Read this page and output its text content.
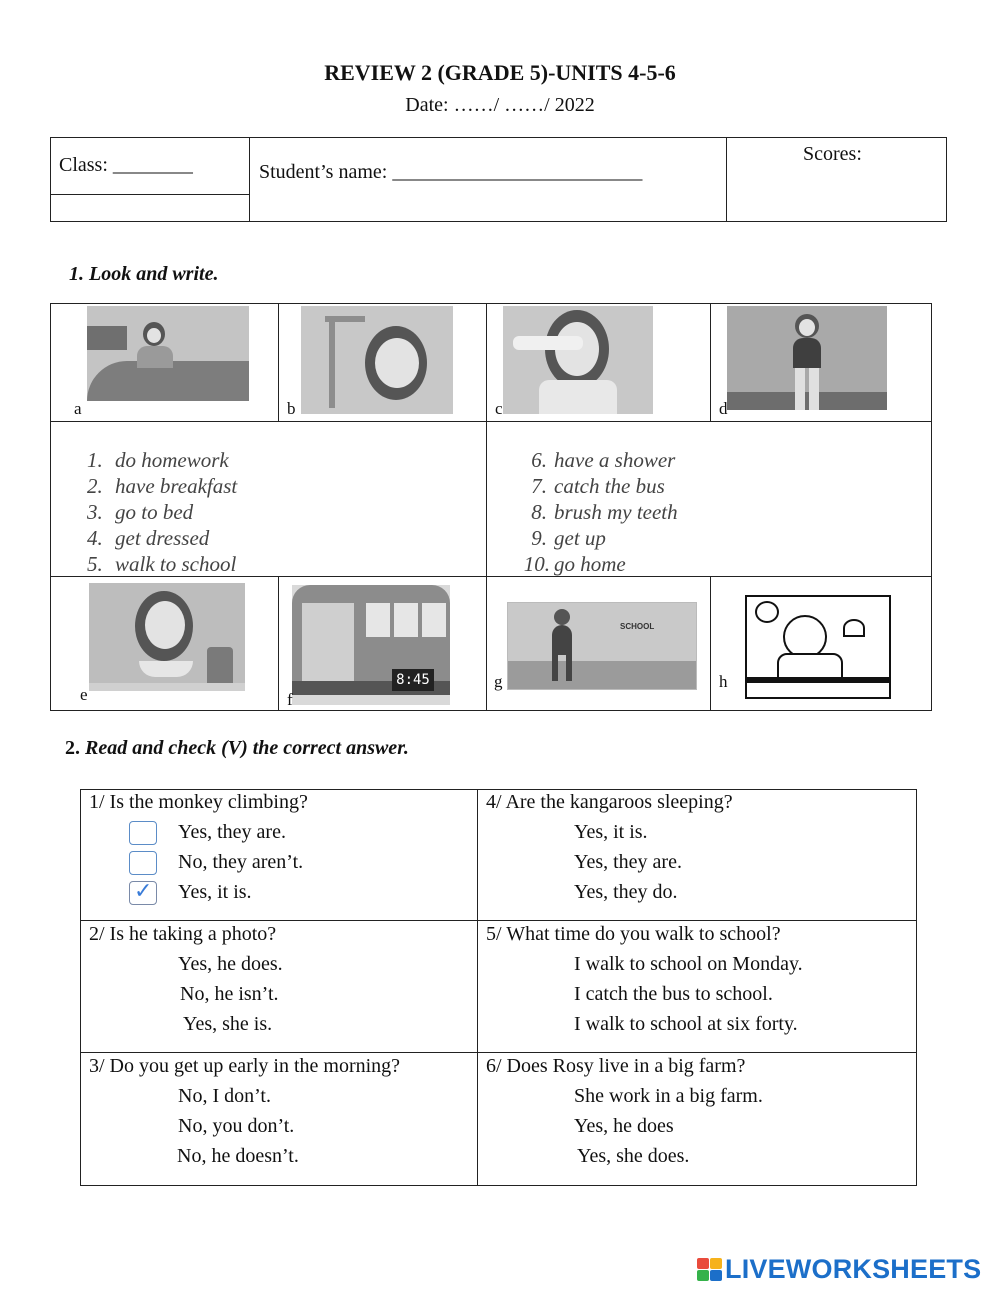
REVIEW 2 (GRADE 5)-UNITS 4-5-6
Date: ……/ ……/ 2022
Class: ________	Student’s name: _________________________
Scores:
1. Look and write.
a	b	c	d
1. do homework
2. have breakfast
3. go to bed
4. get dressed
5. walk to school
6. have a shower
7. catch the bus
8. brush my teeth
9. get up
10. go home
e
8:45
f
SCHOOL
g	h
2. Read and check (V) the correct answer.
1/ Is the monkey climbing?
Yes, they are.
No, they aren’t.
✓ Yes, it is.
2/ Is he taking a photo?
Yes, he does.
No, he isn’t.
Yes, she is.
3/ Do you get up early in the morning?
No, I don’t.
No, you don’t.
No, he doesn’t.
4/ Are the kangaroos sleeping?
Yes, it is.
Yes, they are.
Yes, they do.
5/ What time do you walk to school?
I walk to school on Monday.
I catch the bus to school.
I walk to school at six forty.
6/ Does Rosy live in a big farm?
She work in a big farm.
Yes, he does
Yes, she does.
LIVEWORKSHEETS
